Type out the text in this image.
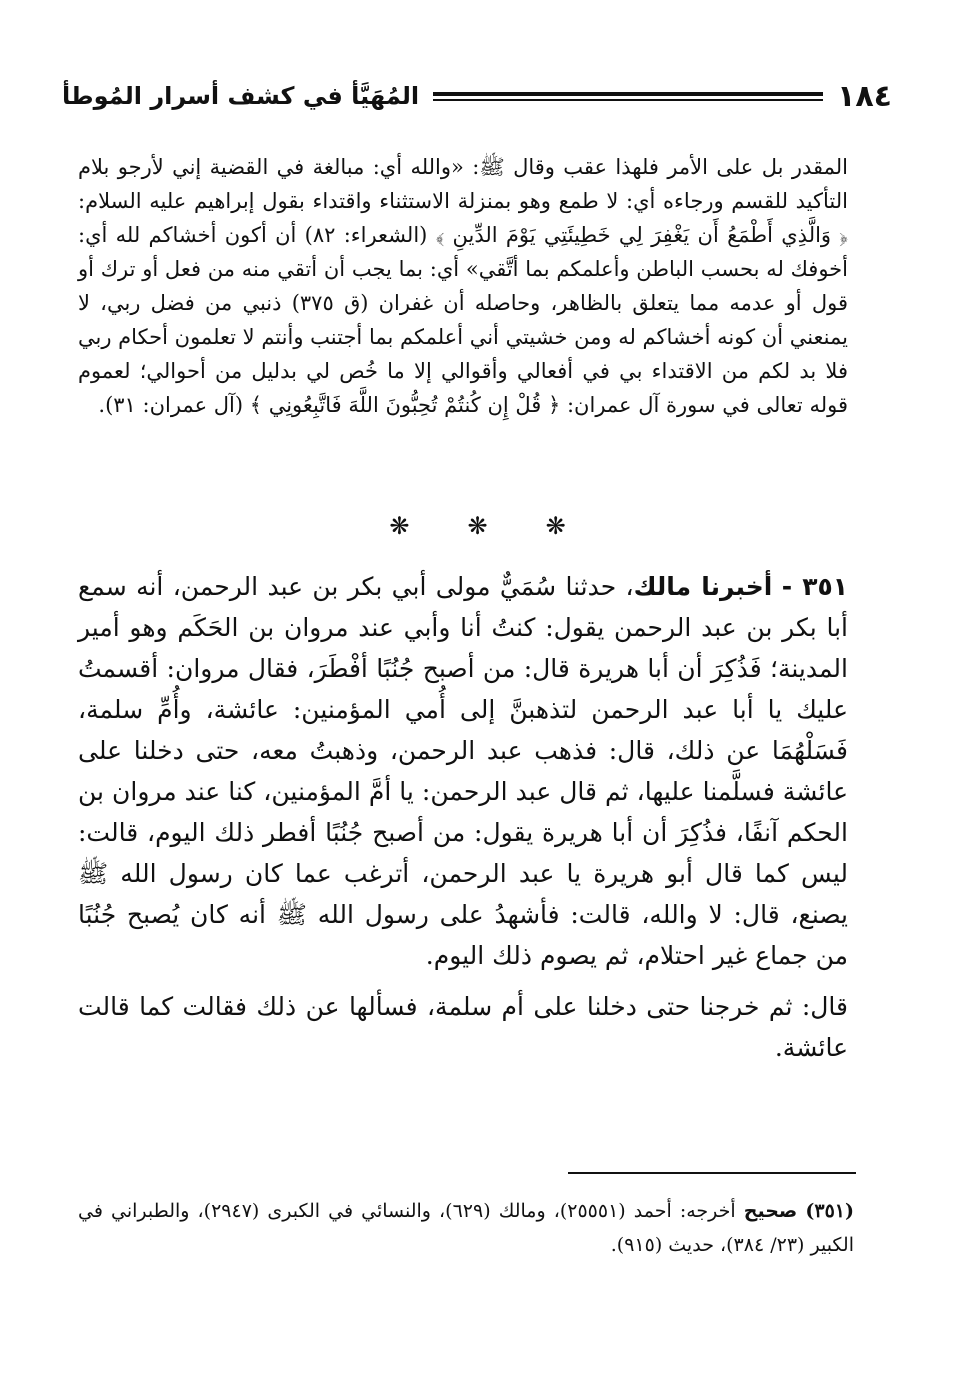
١٨٤
المُهَيَّأ في كشف أسرار المُوطأ

المقدر بل على الأمر فلهذا عقب وقال ﷺ: «والله أي: مبالغة في القضية إني لأرجو بلام التأكيد للقسم ورجاءه أي: لا طمع وهو بمنزلة الاستثناء واقتداء بقول إبراهيم عليه السلام: ﴿ وَالَّذِي أَطْمَعُ أَن يَغْفِرَ لِي خَطِيئَتِي يَوْمَ الدِّينِ ﴾ (الشعراء: ٨٢) أن أكون أخشاكم لله أي: أخوفك له بحسب الباطن وأعلمكم بما أتَّقي» أي: بما يجب أن أتقي منه من فعل أو ترك أو قول أو عدمه مما يتعلق بالظاهر، وحاصله أن غفران (ق ٣٧٥) ذنبي من فضل ربي، لا يمنعني أن كونه أخشاكم له ومن خشيتي أني أعلمكم بما أجتنب وأنتم لا تعلمون أحكام ربي فلا بد لكم من الاقتداء بي في أفعالي وأقوالي إلا ما خُص لي بدليل من أحوالي؛ لعموم قوله تعالى في سورة آل عمران: ﴿ قُلْ إِن كُنتُمْ تُحِبُّونَ اللَّهَ فَاتَّبِعُونِي ﴾ (آل عمران: ٣١).

❋
❋
❋

٣٥١ - أخبرنا مالك، حدثنا سُمَيٌّ مولى أبي بكر بن عبد الرحمن، أنه سمع أبا بكر بن عبد الرحمن يقول: كنتُ أنا وأبي عند مروان بن الحَكَم وهو أمير المدينة؛ فَذُكِرَ أن أبا هريرة قال: من أصبح جُنُبًا أفْطَرَ، فقال مروان: أقسمتُ عليك يا أبا عبد الرحمن لتذهبنَّ إلى أُمي المؤمنين: عائشة، وأُمِّ سلمة، فَسَلْهُمَا عن ذلك، قال: فذهب عبد الرحمن، وذهبتُ معه، حتى دخلنا على عائشة فسلَّمنا عليها، ثم قال عبد الرحمن: يا أمَّ المؤمنين، كنا عند مروان بن الحكم آنفًا، فذُكِرَ أن أبا هريرة يقول: من أصبح جُنُبًا أفطر ذلك اليوم، قالت: ليس كما قال أبو هريرة يا عبد الرحمن، أترغب عما كان رسول الله ﷺ يصنع، قال: لا والله، قالت: فأشهدُ على رسول الله ﷺ أنه كان يُصبح جُنُبًا من جماع غير احتلام، ثم يصوم ذلك اليوم.

قال: ثم خرجنا حتى دخلنا على أم سلمة، فسألها عن ذلك فقالت كما قالت عائشة.

(٣٥١) صحيح أخرجه: أحمد (٢٥٥٥١)، ومالك (٦٢٩)، والنسائي في الكبرى (٢٩٤٧)، والطبراني في الكبير (٢٣/ ٣٨٤)، حديث (٩١٥).
